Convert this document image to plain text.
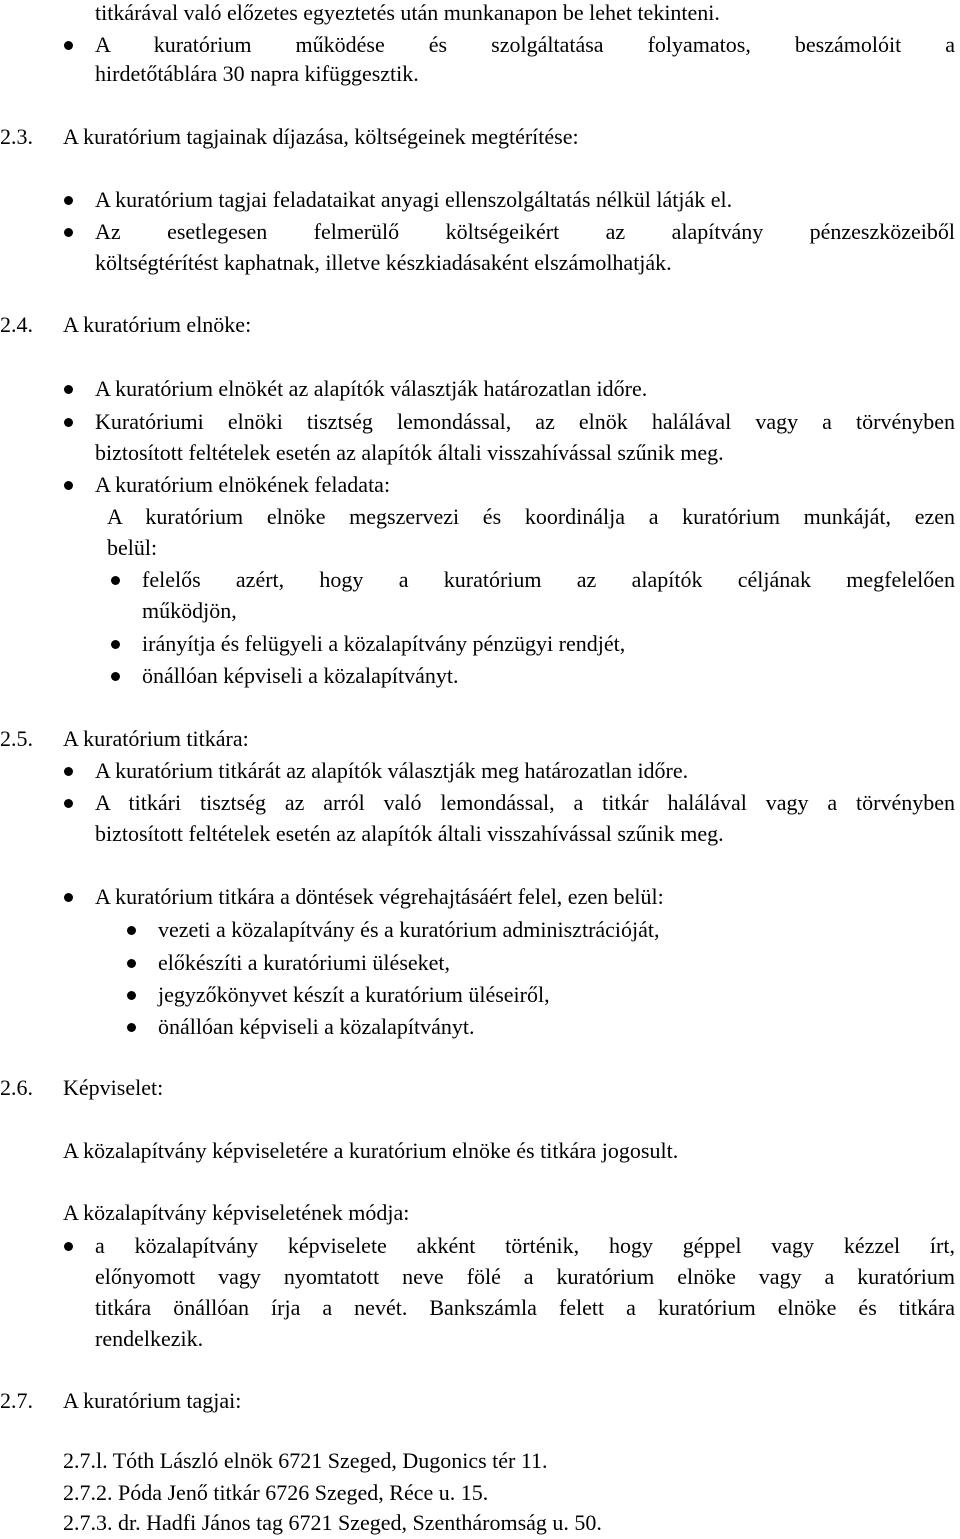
titkárával való előzetes egyeztetés után munkanapon be lehet tekinteni.
A kuratórium működése és szolgáltatása folyamatos, beszámolóit a
hirdetőtáblára 30 napra kifüggesztik.
2.3. A kuratórium tagjainak díjazása, költségeinek megtérítése:
A kuratórium tagjai feladataikat anyagi ellenszolgáltatás nélkül látják el.
Az esetlegesen felmerülő költségeikért az alapítvány pénzeszközeiből
költségtérítést kaphatnak, illetve készkiadásaként elszámolhatják.
2.4. A kuratórium elnöke:
A kuratórium elnökét az alapítók választják határozatlan időre.
Kuratóriumi elnöki tisztség lemondással, az elnök halálával vagy a törvényben
biztosított feltételek esetén az alapítók általi visszahívással szűnik meg.
A kuratórium elnökének feladata:
A kuratórium elnöke megszervezi és koordinálja a kuratórium munkáját, ezen
belül:
felelős azért, hogy a kuratórium az alapítók céljának megfelelően
működjön,
irányítja és felügyeli a közalapítvány pénzügyi rendjét,
önállóan képviseli a közalapítványt.
2.5. A kuratórium titkára:
A kuratórium titkárát az alapítók választják meg határozatlan időre.
A titkári tisztség az arról való lemondással, a titkár halálával vagy a törvényben
biztosított feltételek esetén az alapítók általi visszahívással szűnik meg.
A kuratórium titkára a döntések végrehajtásáért felel, ezen belül:
vezeti a közalapítvány és a kuratórium adminisztrációját,
előkészíti a kuratóriumi üléseket,
jegyzőkönyvet készít a kuratórium üléseiről,
önállóan képviseli a közalapítványt.
2.6. Képviselet:
A közalapítvány képviseletére a kuratórium elnöke és titkára jogosult.
A közalapítvány képviseletének módja:
a közalapítvány képviselete akként történik, hogy géppel vagy kézzel írt,
előnyomott vagy nyomtatott neve fölé a kuratórium elnöke vagy a kuratórium
titkára önállóan írja a nevét. Bankszámla felett a kuratórium elnöke és titkára
rendelkezik.
2.7. A kuratórium tagjai:
2.7.l. Tóth László elnök 6721 Szeged, Dugonics tér 11.
2.7.2. Póda Jenő titkár 6726 Szeged, Réce u. 15.
2.7.3. dr. Hadfi János tag 6721 Szeged, Szentháromság u. 50.
